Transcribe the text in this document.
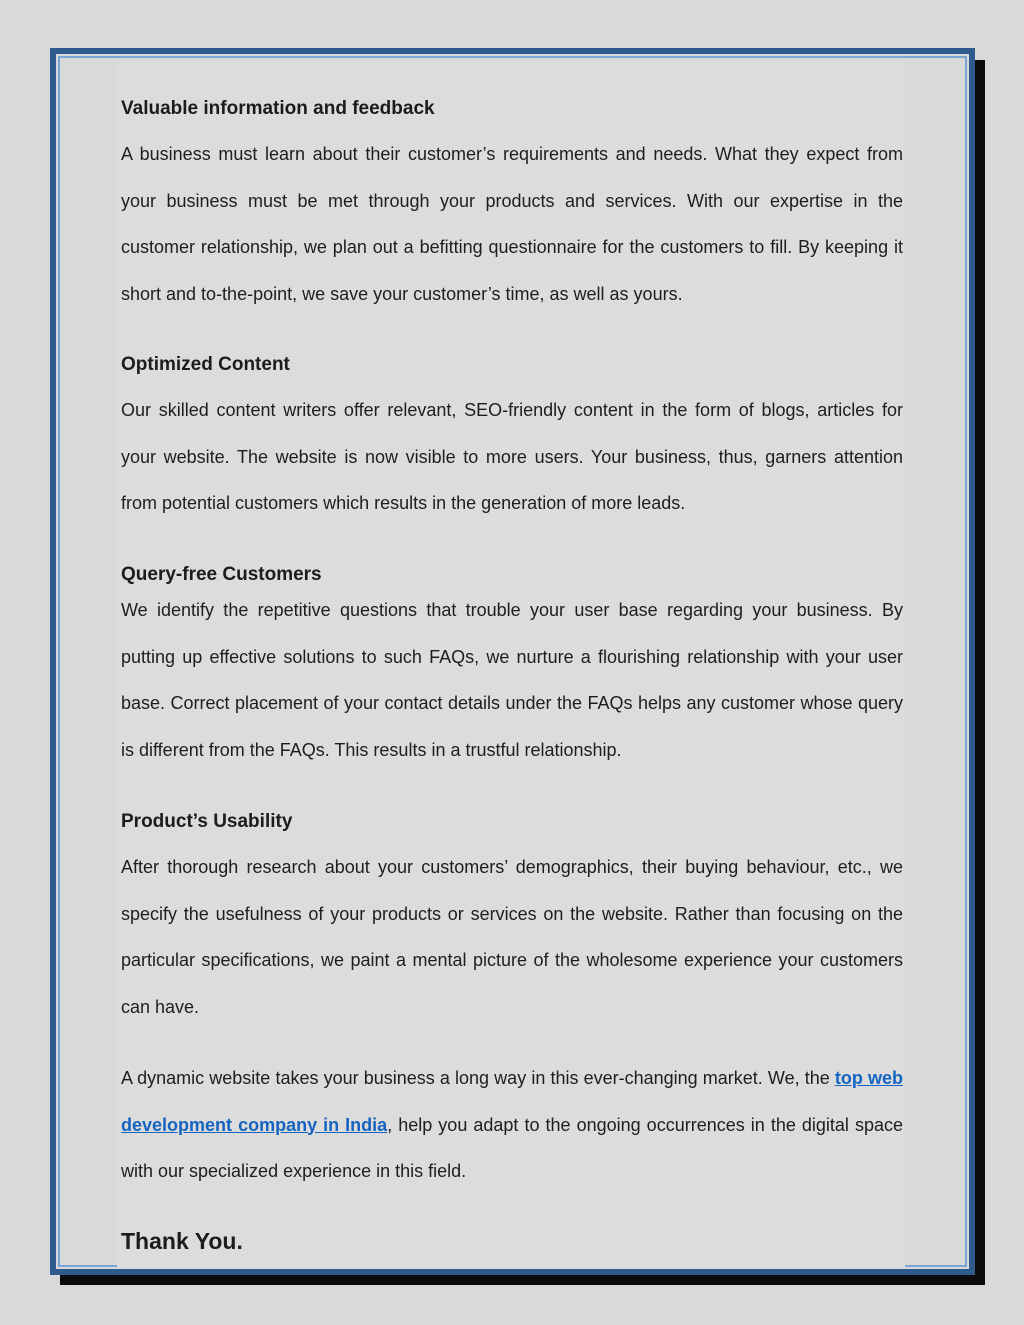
Valuable information and feedback

A business must learn about their customer’s requirements and needs. What they expect from your business must be met through your products and services. With our expertise in the customer relationship, we plan out a befitting questionnaire for the customers to fill. By keeping it short and to-the-point, we save your customer’s time, as well as yours.

Optimized Content

Our skilled content writers offer relevant, SEO-friendly content in the form of blogs, articles for your website. The website is now visible to more users. Your business, thus, garners attention from potential customers which results in the generation of more leads.

Query-free Customers

We identify the repetitive questions that trouble your user base regarding your business. By putting up effective solutions to such FAQs, we nurture a flourishing relationship with your user base. Correct placement of your contact details under the FAQs helps any customer whose query is different from the FAQs. This results in a trustful relationship.

Product’s Usability

After thorough research about your customers’ demographics, their buying behaviour, etc., we specify the usefulness of your products or services on the website. Rather than focusing on the particular specifications, we paint a mental picture of the wholesome experience your customers can have.

A dynamic website takes your business a long way in this ever-changing market. We, the top web development company in India, help you adapt to the ongoing occurrences in the digital space with our specialized experience in this field.

Thank You.
